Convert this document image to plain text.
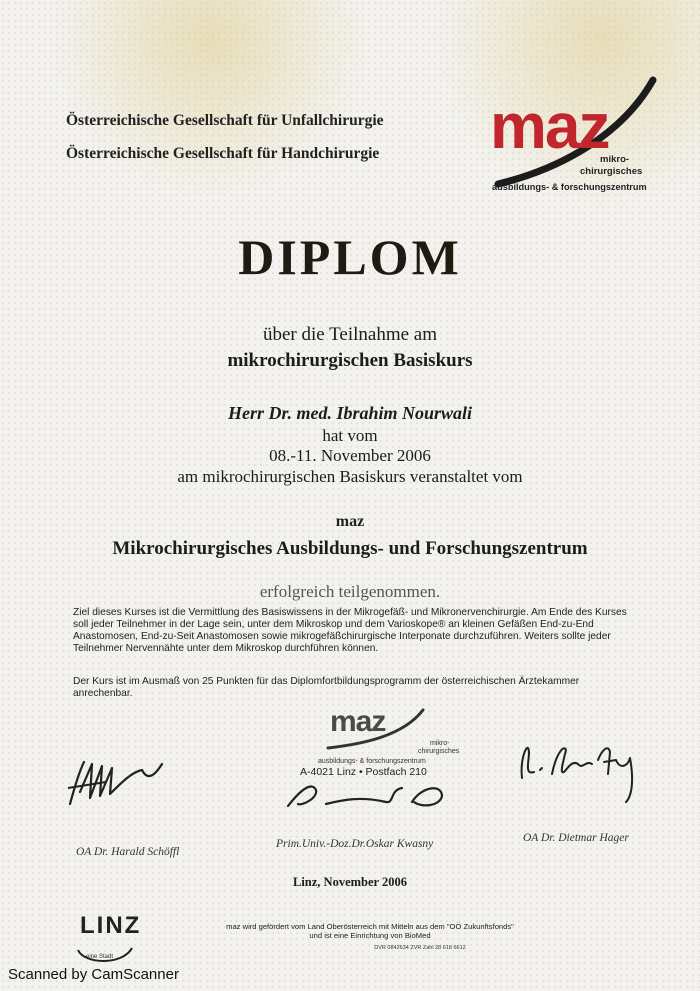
Österreichische Gesellschaft für Unfallchirurgie
Österreichische Gesellschaft für Handchirurgie maz
mikro-
chirurgisches
ausbildungs- & forschungszentrum
DIPLOM
über die Teilnahme am
mikrochirurgischen Basiskurs
Herr Dr. med. Ibrahim Nourwali
hat vom
08.-11. November 2006
am mikrochirurgischen Basiskurs veranstaltet vom
maz
Mikrochirurgisches Ausbildungs- und Forschungszentrum
erfolgreich teilgenommen.
Ziel dieses Kurses ist die Vermittlung des Basiswissens in der Mikrogefäß- und Mikronervenchirurgie. Am Ende des Kurses soll jeder Teilnehmer in der Lage sein, unter dem Mikroskop und dem Varioskope® an kleinen Gefäßen End-zu-End Anastomosen, End-zu-Seit Anastomosen sowie mikrogefäßchirurgische Interponate durchzuführen. Weiters sollte jeder Teilnehmer Nervennähte unter dem Mikroskop durchführen können.
Der Kurs ist im Ausmaß von 25 Punkten für das Diplomfortbildungsprogramm der österreichischen Ärztekammer anrechenbar.
maz
mikro-
chirurgisches
ausbildungs- & forschungszentrum
A-4021 Linz • Postfach 210
OA Dr. Harald Schöffl
Prim.Univ.-Doz.Dr.Oskar Kwasny	OA Dr. Dietmar Hager
Linz, November 2006
LINZ
eine Stadt
maz wird gefördert vom Land Oberösterreich mit Mitteln aus dem "OÖ Zukunftsfonds"
und ist eine Einrichtung von BioMed
DVR 0842634 ZVR Zahl 28 618 6612
Scanned by CamScanner
